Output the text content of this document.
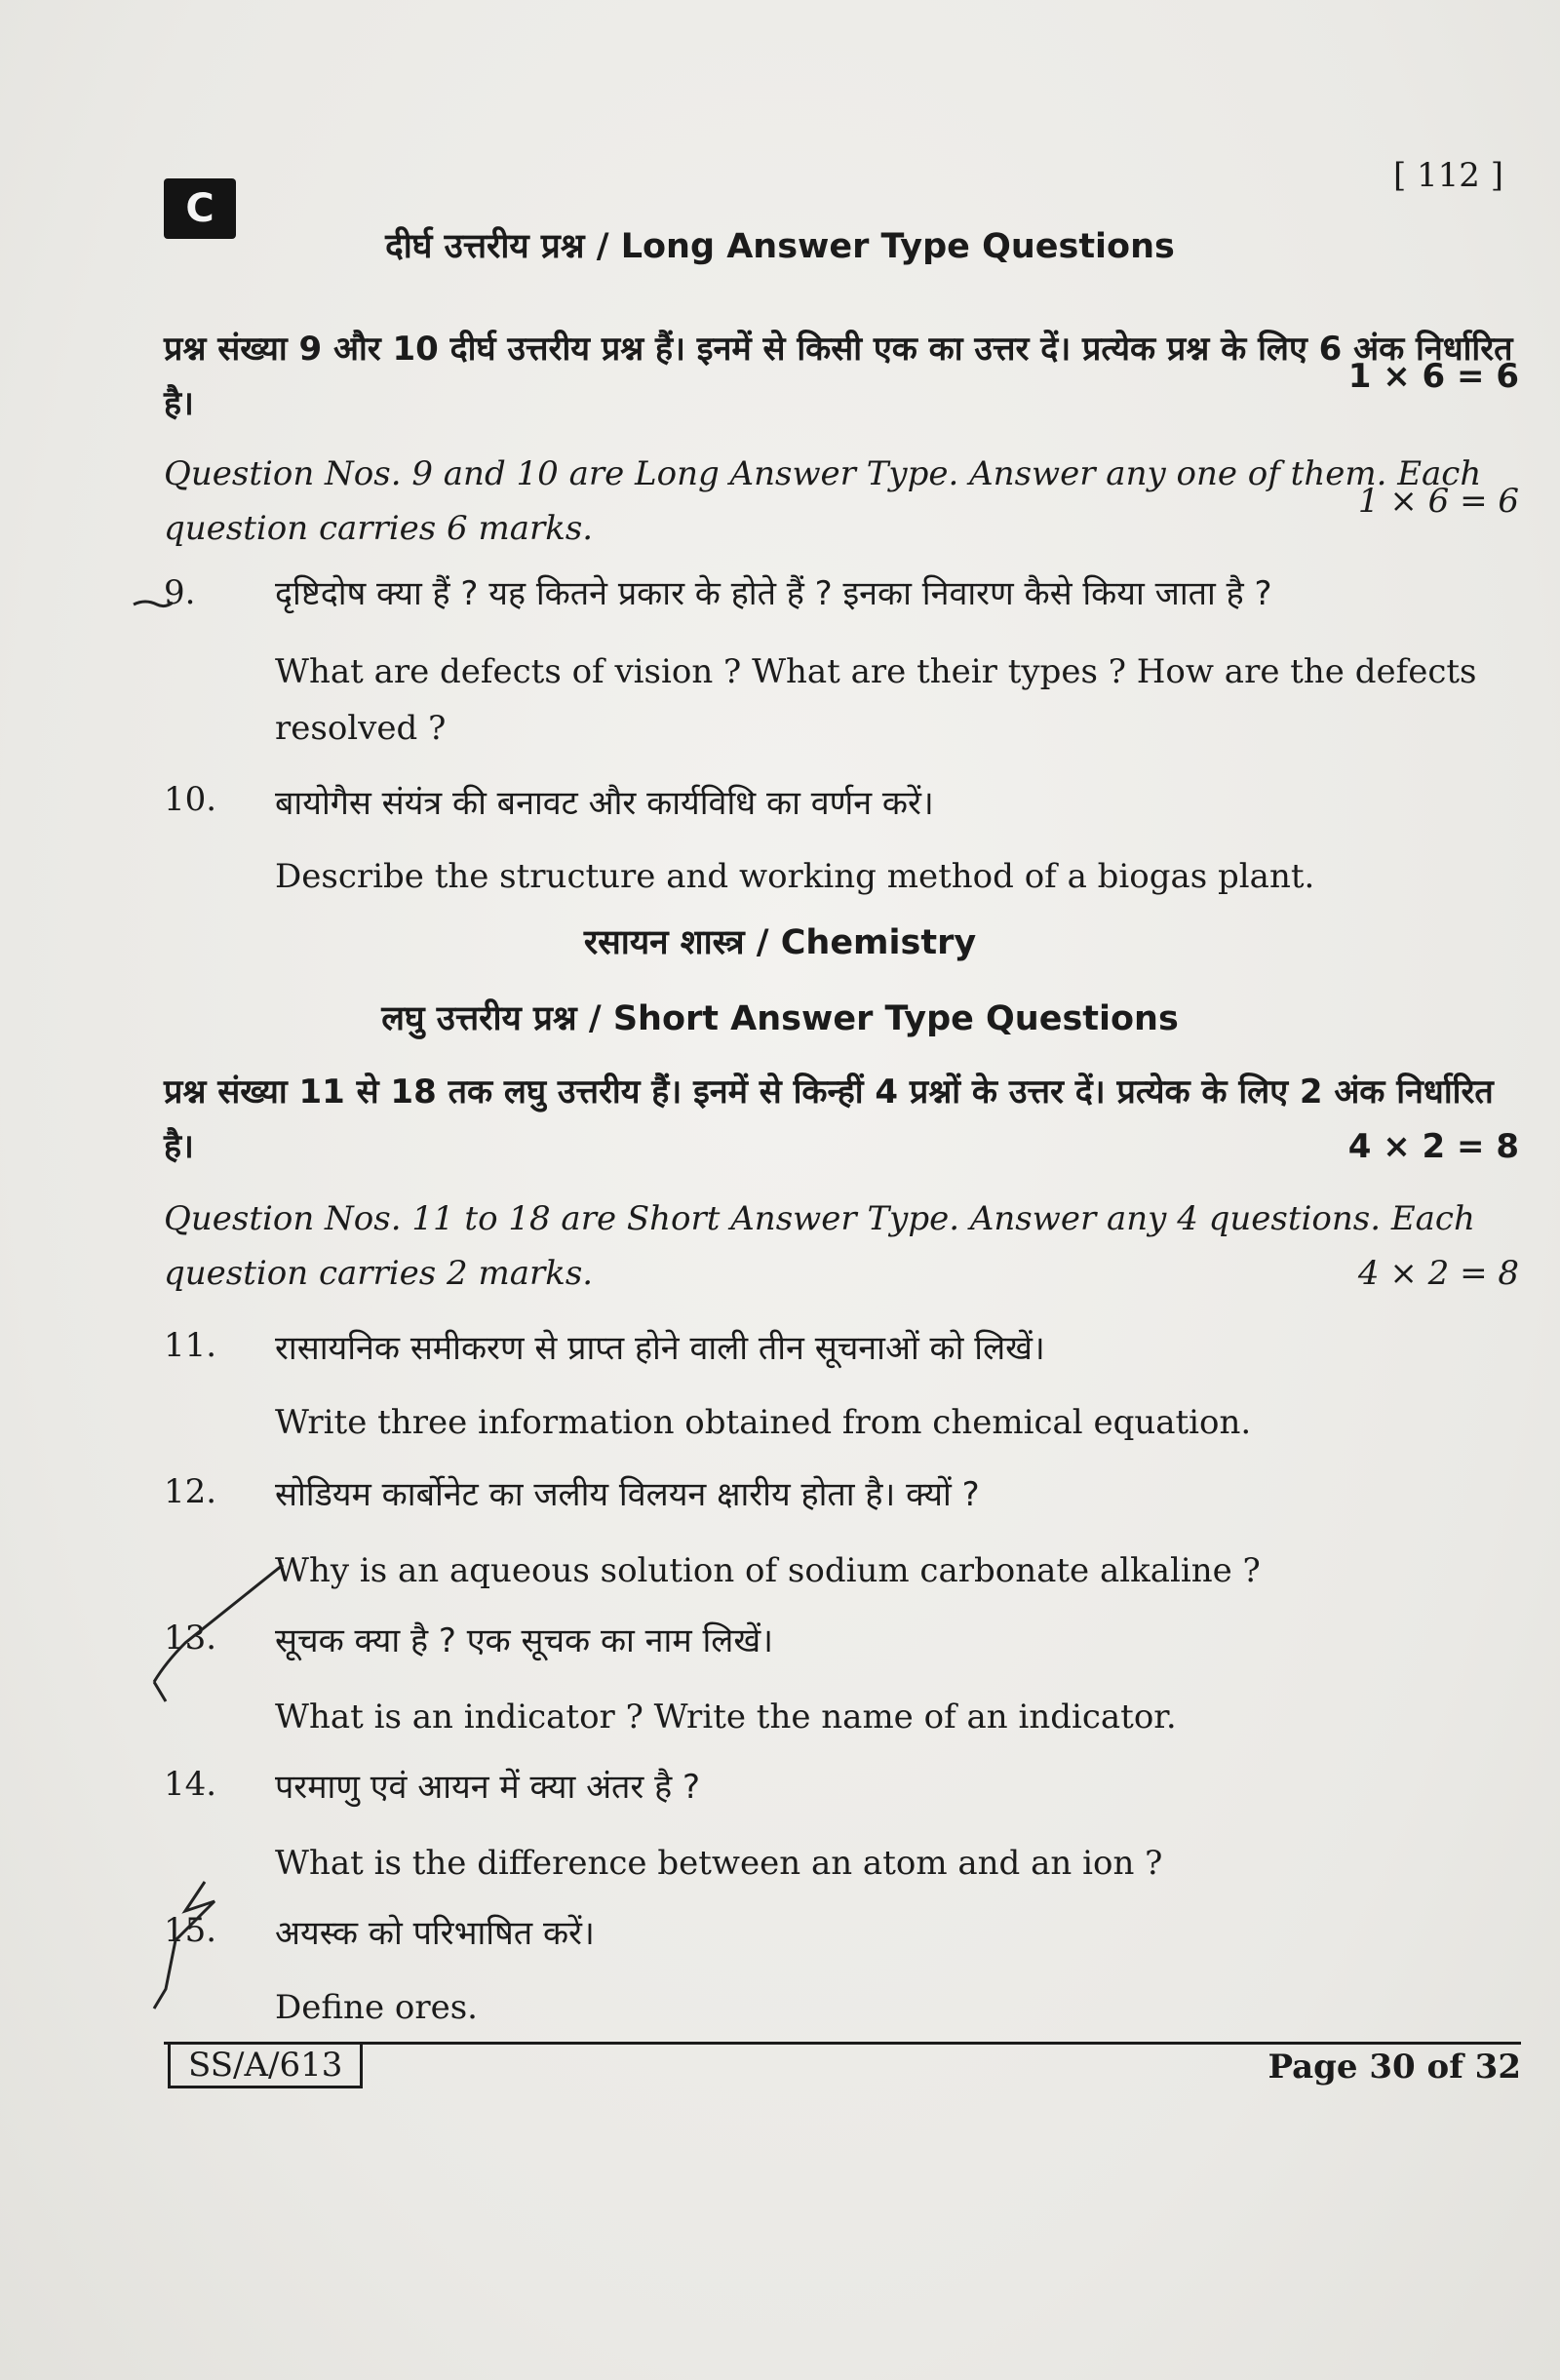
C
[ 112 ]
दीर्घ उत्तरीय प्रश्न / Long Answer Type Questions
प्रश्न संख्या 9 और 10 दीर्घ उत्तरीय प्रश्न हैं। इनमें से किसी एक का उत्तर दें। प्रत्येक प्रश्न के लिए 6 अंक निर्धारित है।
1 × 6 = 6
Question Nos. 9 and 10 are Long Answer Type. Answer any one of them. Each question carries 6 marks.
1 × 6 = 6
9.	दृष्टिदोष क्या हैं ? यह कितने प्रकार के होते हैं ? इनका निवारण कैसे किया जाता है ?
What are defects of vision ? What are their types ? How are the defects resolved ?
10.	बायोगैस संयंत्र की बनावट और कार्यविधि का वर्णन करें।
Describe the structure and working method of a biogas plant.
रसायन शास्त्र / Chemistry
लघु उत्तरीय प्रश्न / Short Answer Type Questions
प्रश्न संख्या 11 से 18 तक लघु उत्तरीय हैं। इनमें से किन्हीं 4 प्रश्नों के उत्तर दें। प्रत्येक के लिए 2 अंक निर्धारित है।	4 × 2 = 8
Question Nos. 11 to 18 are Short Answer Type. Answer any 4 questions. Each question carries 2 marks.	4 × 2 = 8
11.	रासायनिक समीकरण से प्राप्त होने वाली तीन सूचनाओं को लिखें।
Write three information obtained from chemical equation.
12.	सोडियम कार्बोनेट का जलीय विलयन क्षारीय होता है। क्यों ?
Why is an aqueous solution of sodium carbonate alkaline ?
13.	सूचक क्या है ? एक सूचक का नाम लिखें।
What is an indicator ? Write the name of an indicator.
14.	परमाणु एवं आयन में क्या अंतर है ?
What is the difference between an atom and an ion ?
15.	अयस्क को परिभाषित करें।
Define ores.
SS/A/613	Page 30 of 32
